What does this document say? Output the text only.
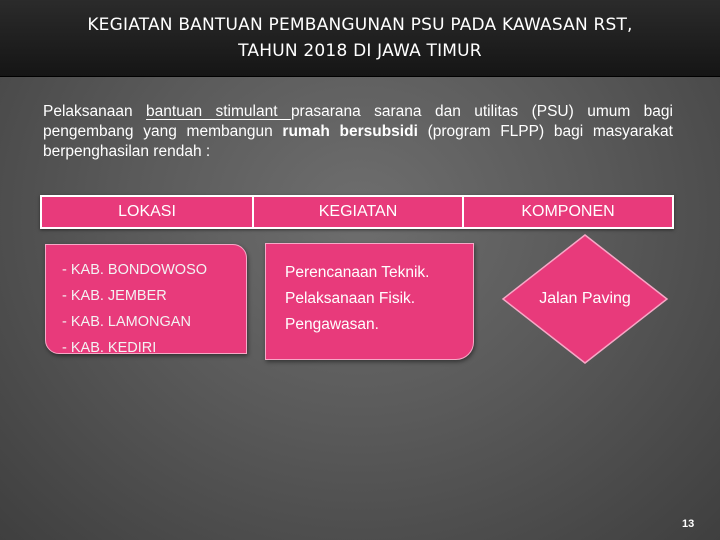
KEGIATAN BANTUAN PEMBANGUNAN PSU PADA KAWASAN RST,
TAHUN 2018 DI JAWA TIMUR
Pelaksanaan bantuan stimulant prasarana sarana dan utilitas (PSU) umum bagi pengembang yang membangun rumah bersubsidi (program FLPP) bagi masyarakat berpenghasilan rendah :
LOKASI	KEGIATAN	KOMPONEN
- KAB. BONDOWOSO
- KAB. JEMBER
- KAB. LAMONGAN
- KAB. KEDIRI
Perencanaan Teknik.
Pelaksanaan Fisik.
Pengawasan.
Jalan Paving
13
